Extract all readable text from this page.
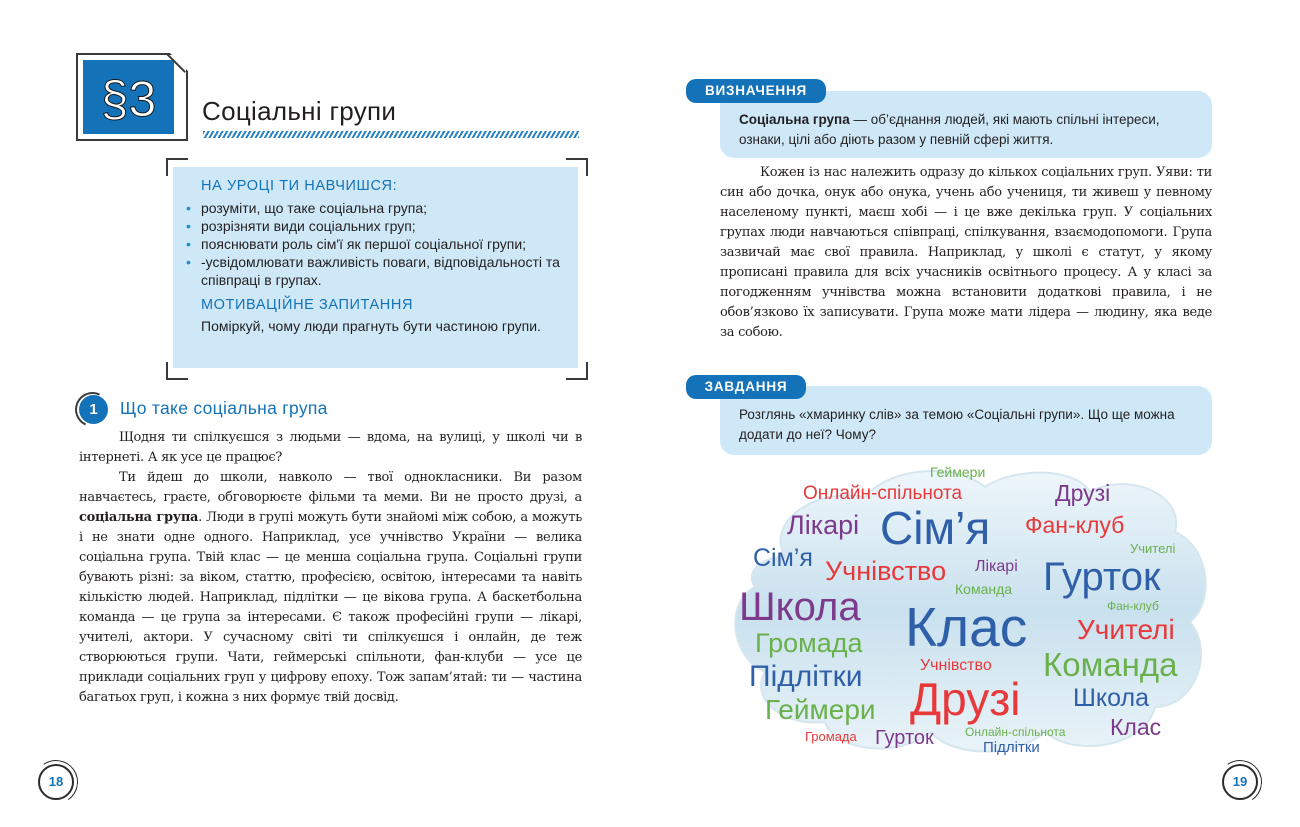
§3	Соціальні групи
НА УРОЦІ ТИ НАВЧИШСЯ:
• розуміти, що таке соціальна група;
• розрізняти види соціальних груп;
• пояснювати роль сім'ї як першої соціальної групи;
• -усвідомлювати важливість поваги, відповідальності та співпраці в групах.
МОТИВАЦІЙНЕ ЗАПИТАННЯ
Поміркуй, чому люди прагнуть бути частиною групи.
1	Що таке соціальна група

Щодня ти спілкуєшся з людьми — вдома, на вулиці, у школі чи в інтернеті. А як усе це працює?

Ти йдеш до школи, навколо — твої однокласники. Ви разом навчаєтесь, граєте, обговорюєте фільми та меми. Ви не просто друзі, а соціальна група. Люди в групі можуть бути знайомі між собою, а можуть і не знати одне одного. Наприклад, усе учнівство України — велика соціальна група. Твій клас — це менша соціальна група. Соціальні групи бувають різні: за віком, статтю, професією, освітою, інтересами та навіть кількістю людей. Наприклад, підлітки — це вікова група. А баскетбольна команда — це група за інтересами. Є також професійні групи — лікарі, учителі, актори. У сучасному світі ти спілкуєшся і онлайн, де теж створюються групи. Чати, геймерські спільноти, фан-клуби — усе це приклади соціальних груп у цифрову епоху. Тож запам’ятай: ти — частина багатьох груп, і кожна з них формує твій досвід.

18
ВИЗНАЧЕННЯ
Соціальна група — об’єднання людей, які мають спільні інтереси, ознаки, цілі або діють разом у певній сфері життя.

Кожен із нас належить одразу до кількох соціальних груп. Уяви: ти син або дочка, онук або онука, учень або учениця, ти живеш у певному населеному пункті, маєш хобі — і це вже декілька груп. У соціальних групах люди навчаються співпраці, спілкування, взаємодопомоги. Група зазвичай має свої правила. Наприклад, у школі є статут, у якому прописані правила для всіх учасників освітнього процесу. А у класі за погодженням учнівства можна встановити додаткові правила, і не обов’язково їх записувати. Група може мати лідера — людину, яка веде за собою.

ЗАВДАННЯ
Розглянь «хмаринку слів» за темою «Соціальні групи». Що ще можна додати до неї? Чому?
Геймери
Онлайн-спільнота	Друзі
Лікарі Сім’я Фан-клуб
Учителі
Сім’я Учнівство Лікарі Гурток
Школа	Команда
Фан-клуб
Клас Учителі
Громада
Команда
Учнівство
Підлітки Друзі Школа
Геймери
Клас
Громада Гурток	Онлайн-спільнота
Підлітки
19
